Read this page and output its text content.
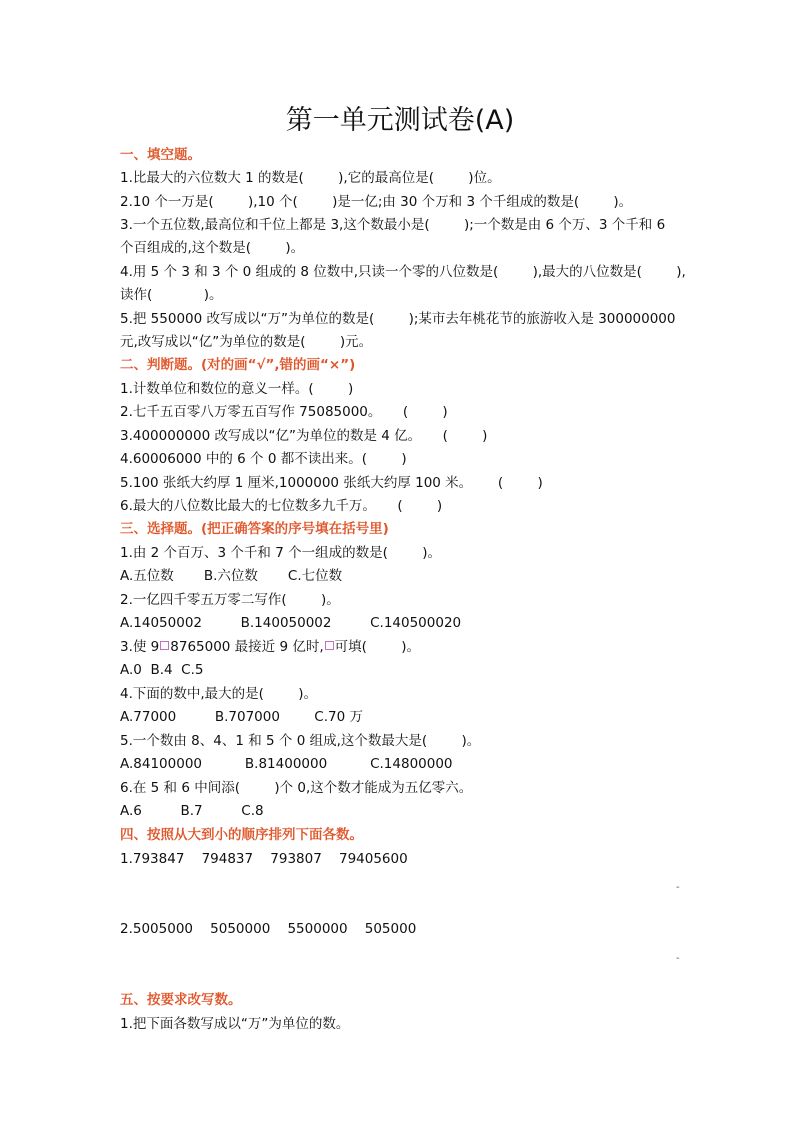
第一单元测试卷(A)
一、填空题。
1.比最大的六位数大 1 的数是(        ),它的最高位是(        )位。
2.10 个一万是(        ),10 个(        )是一亿;由 30 个万和 3 个千组成的数是(        )。
3.一个五位数,最高位和千位上都是 3,这个数最小是(        );一个数是由 6 个万、3 个千和 6
个百组成的,这个数是(        )。
4.用 5 个 3 和 3 个 0 组成的 8 位数中,只读一个零的八位数是(        ),最大的八位数是(        ),
读作(            )。
5.把 550000 改写成以“万”为单位的数是(        );某市去年桃花节的旅游收入是 300000000
元,改写成以“亿”为单位的数是(        )元。
二、判断题。(对的画“√”,错的画“×”)
1.计数单位和数位的意义一样。(        )
2.七千五百零八万零五百写作 75085000。     (        )
3.400000000 改写成以“亿”为单位的数是 4 亿。     (        )
4.60006000 中的 6 个 0 都不读出来。(        )
5.100 张纸大约厚 1 厘米,1000000 张纸大约厚 100 米。      (        )
6.最大的八位数比最大的七位数多九千万。     (        )
三、选择题。(把正确答案的序号填在括号里)
1.由 2 个百万、3 个千和 7 个一组成的数是(        )。
A.五位数       B.六位数       C.七位数
2.一亿四千零五万零二写作(        )。
A.14050002         B.140050002         C.140500020
3.使 9 8765000 最接近 9 亿时, 可填(        )。
A.0  B.4  C.5
4.下面的数中,最大的是(        )。
A.77000         B.707000        C.70 万
5.一个数由 8、4、1 和 5 个 0 组成,这个数最大是(        )。
A.84100000          B.81400000          C.14800000
6.在 5 和 6 中间添(        )个 0,这个数才能成为五亿零六。
A.6         B.7         C.8
四、按照从大到小的顺序排列下面各数。
1.793847    794837    793807    79405600
-
2.5005000    5050000    5500000    505000
-
五、按要求改写数。
1.把下面各数写成以“万”为单位的数。
